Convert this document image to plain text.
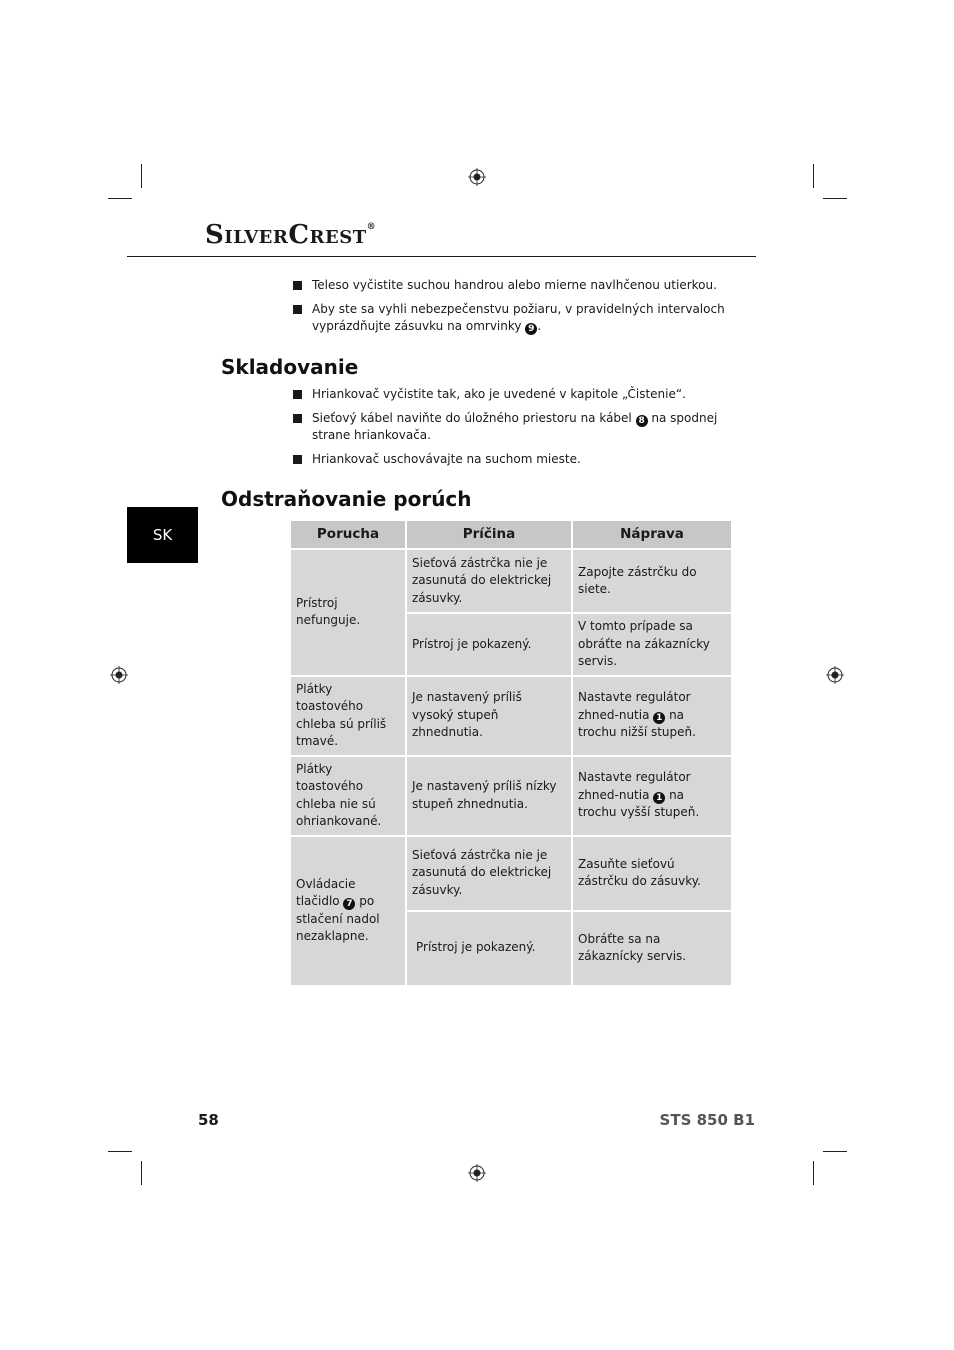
SilverCrest®
SK
Teleso vyčistite suchou handrou alebo mierne navlhčenou utierkou.
Aby ste sa vyhli nebezpečenstvu požiaru, v pravidelných intervaloch vyprázdňujte zásuvku na omrvinky 9 .
Skladovanie
Hriankovač vyčistite tak, ako je uvedené v kapitole „Čistenie“.
Sieťový kábel naviňte do úložného priestoru na kábel 8 na spodnej strane hriankovača.
Hriankovač uschovávajte na suchom mieste.
Odstraňovanie porúch
Porucha	Príčina	Náprava
Prístroj nefunguje.	Sieťová zástrčka nie je zasunutá do elektrickej zásuvky.	Zapojte zástrčku do siete.
	Prístroj je pokazený.	V tomto prípade sa obráťte na zákaznícky servis.
Plátky toastového chleba sú príliš tmavé.	Je nastavený príliš vysoký stupeň zhnednutia.	Nastavte regulátor zhned-nutia 1 na trochu nižší stupeň.
Plátky toastového chleba nie sú ohriankované.	Je nastavený príliš nízky stupeň zhnednutia.	Nastavte regulátor zhned-nutia 1 na trochu vyšší stupeň.
Ovládacie tlačidlo 7 po stlačení nadol nezaklapne.	Sieťová zástrčka nie je zasunutá do elektrickej zásuvky.	Zasuňte sieťovú zástrčku do zásuvky.
	Prístroj je pokazený.	Obráťte sa na zákaznícky servis.
58	STS 850 B1
